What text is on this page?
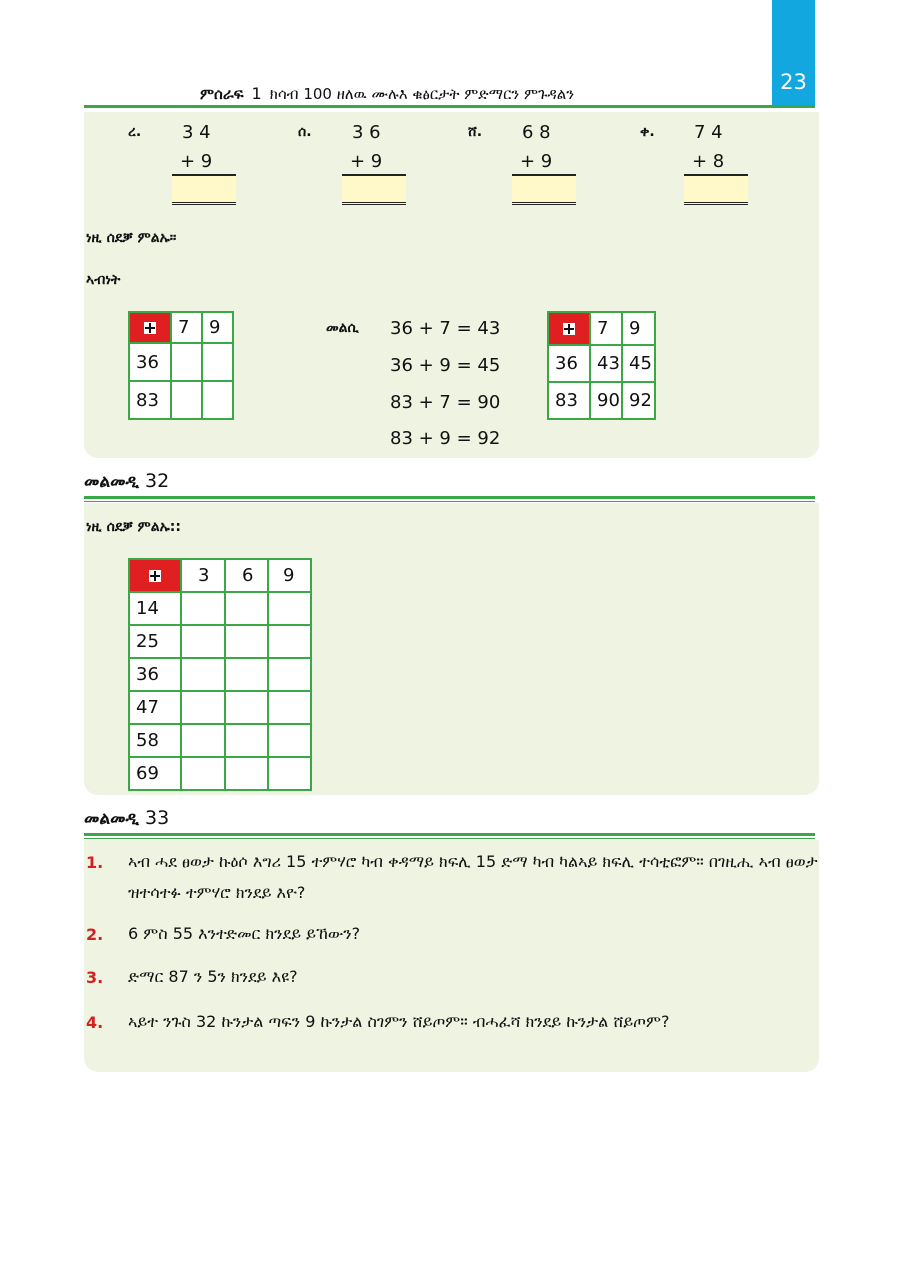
23
ምሰራፍ 1 ክሳብ 100 ዘለዉ ሙሉእ ቁፅርታት ምድማርን ምጉዳልን
ረ. 3 4
+ 9
ሰ. 3 6
+ 9
ሸ. 6 8
+ 9
ቀ. 7 4
+ 8
ነዚ ሰደቓ ምልኡ።
ኣብነት
	7	9
36		
83		
መልሲ 36 + 7 = 43
36 + 9 = 45
83 + 7 = 90
83 + 9 = 92
	7	9
36	43	45
83	90	92
መልመዲ 32
ነዚ ሰደቓ ምልኡ::
	3	6	9
14			
25			
36			
47			
58			
69			
መልመዲ 33
1. ኣብ ሓደ ፀወታ ኩዕሶ እግሪ 15 ተምሃሮ ካብ ቀዳማይ ክፍሊ 15 ድማ ካብ ካልኣይ ክፍሊ ተሳቲፎም። በገዚሒ ኣብ ፀወታ ዝተሳተፉ ተምሃሮ ክንደይ እዮ?
2. 6 ምስ 55 እንተድመር ክንደይ ይኸውን?
3. ድማር 87 ን 5ን ክንደይ እዩ?
4. ኣይተ ንጉስ 32 ኩንታል ጣፍን 9 ኩንታል ስገምን ሸይጦም። ብሓፈሻ ክንደይ ኩንታል ሸይጦም?
